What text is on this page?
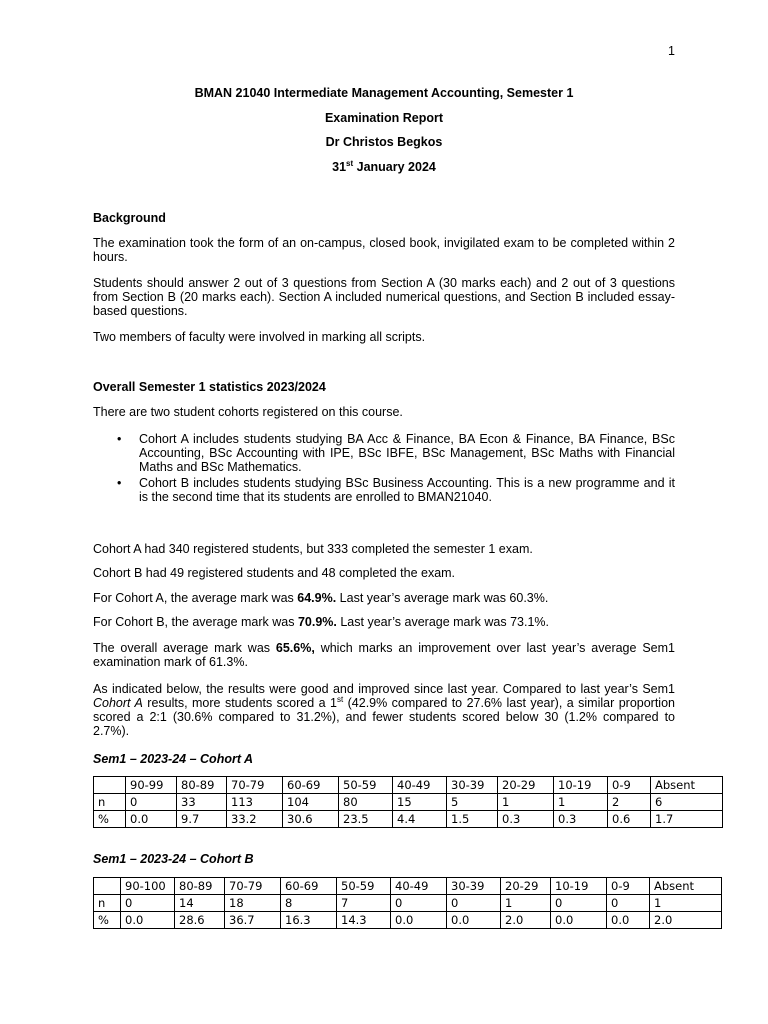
1
BMAN 21040 Intermediate Management Accounting, Semester 1
Examination Report
Dr Christos Begkos
31st January 2024

Background

The examination took the form of an on-campus, closed book, invigilated exam to be completed within 2 hours.

Students should answer 2 out of 3 questions from Section A (30 marks each) and 2 out of 3 questions from Section B (20 marks each). Section A included numerical questions, and Section B included essay-based questions.

Two members of faculty were involved in marking all scripts.

Overall Semester 1 statistics 2023/2024

There are two student cohorts registered on this course.

• Cohort A includes students studying BA Acc & Finance, BA Econ & Finance, BA Finance, BSc Accounting, BSc Accounting with IPE, BSc IBFE, BSc Management, BSc Maths with Financial Maths and BSc Mathematics.
• Cohort B includes students studying BSc Business Accounting. This is a new programme and it is the second time that its students are enrolled to BMAN21040.

Cohort A had 340 registered students, but 333 completed the semester 1 exam.

Cohort B had 49 registered students and 48 completed the exam.

For Cohort A, the average mark was 64.9%. Last year’s average mark was 60.3%.

For Cohort B, the average mark was 70.9%. Last year’s average mark was 73.1%.

The overall average mark was 65.6%, which marks an improvement over last year’s average Sem1 examination mark of 61.3%.

As indicated below, the results were good and improved since last year. Compared to last year’s Sem1 Cohort A results, more students scored a 1st (42.9% compared to 27.6% last year), a similar proportion scored a 2:1 (30.6% compared to 31.2%), and fewer students scored below 30 (1.2% compared to 2.7%).

Sem1 – 2023-24 – Cohort A
	90-99	80-89	70-79	60-69	50-59	40-49	30-39	20-29	10-19	0-9	Absent
n	0	33	113	104	80	15	5	1	1	2	6
%	0.0	9.7	33.2	30.6	23.5	4.4	1.5	0.3	0.3	0.6	1.7
Sem1 – 2023-24 – Cohort B
	90-100	80-89	70-79	60-69	50-59	40-49	30-39	20-29	10-19	0-9	Absent
n	0	14	18	8	7	0	0	1	0	0	1
%	0.0	28.6	36.7	16.3	14.3	0.0	0.0	2.0	0.0	0.0	2.0
